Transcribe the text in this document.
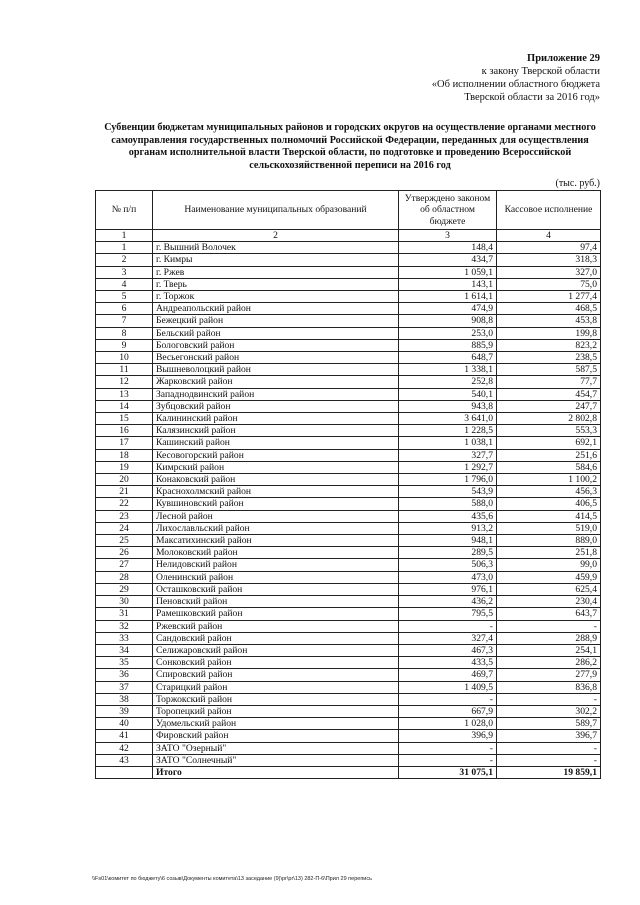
Приложение 29
к закону Тверской области
«Об исполнении областного бюджета
Тверской области за 2016 год»
Субвенции бюджетам муниципальных районов и городских округов на осуществление органами местного
самоуправления государственных полномочий Российской Федерации, переданных для осуществления
органам исполнительной власти Тверской области, по подготовке и проведению Всероссийской
сельскохозяйственной переписи на 2016 год
(тыс. руб.)
№ п/п	Наименование муниципальных образований	Утверждено законом об областном бюджете	Кассовое исполнение
1	2	3	4
1	г. Вышний Волочек	148,4	97,4
2	г. Кимры	434,7	318,3
3	г. Ржев	1 059,1	327,0
4	г. Тверь	143,1	75,0
5	г. Торжок	1 614,1	1 277,4
6	Андреапольский район	474,9	468,5
7	Бежецкий район	908,8	453,8
8	Бельский район	253,0	199,8
9	Бологовский район	885,9	823,2
10	Весьегонский район	648,7	238,5
11	Вышневолоцкий район	1 338,1	587,5
12	Жарковский район	252,8	77,7
13	Западнодвинский район	540,1	454,7
14	Зубцовский район	943,8	247,7
15	Калининский район	3 641,0	2 802,8
16	Калязинский район	1 228,5	553,3
17	Кашинский район	1 038,1	692,1
18	Кесовогорский район	327,7	251,6
19	Кимрский район	1 292,7	584,6
20	Конаковский район	1 796,0	1 100,2
21	Краснохолмский район	543,9	456,3
22	Кувшиновский район	588,0	406,5
23	Лесной район	435,6	414,5
24	Лихославльский район	913,2	519,0
25	Максатихинский район	948,1	889,0
26	Молоковский район	289,5	251,8
27	Нелидовский район	506,3	99,0
28	Оленинский район	473,0	459,9
29	Осташковский район	976,1	625,4
30	Пеновский район	436,2	230,4
31	Рамешковский район	795,5	643,7
32	Ржевский район	-	-
33	Сандовский район	327,4	288,9
34	Селижаровский район	467,3	254,1
35	Сонковский район	433,5	286,2
36	Спировский район	469,7	277,9
37	Старицкий район	1 409,5	836,8
38	Торжокский район	-	-
39	Торопецкий район	667,9	302,2
40	Удомельский район	1 028,0	589,7
41	Фировский район	396,9	396,7
42	ЗАТО "Озерный"	-	-
43	ЗАТО "Солнечный"	-	-
	Итого	31 075,1	19 859,1
\\Fs01\комитет по бюджету\6 созыв\Документы комитета\13 заседание (9)\pr\pr\13) 282-П-6\Прил 29 перепись
